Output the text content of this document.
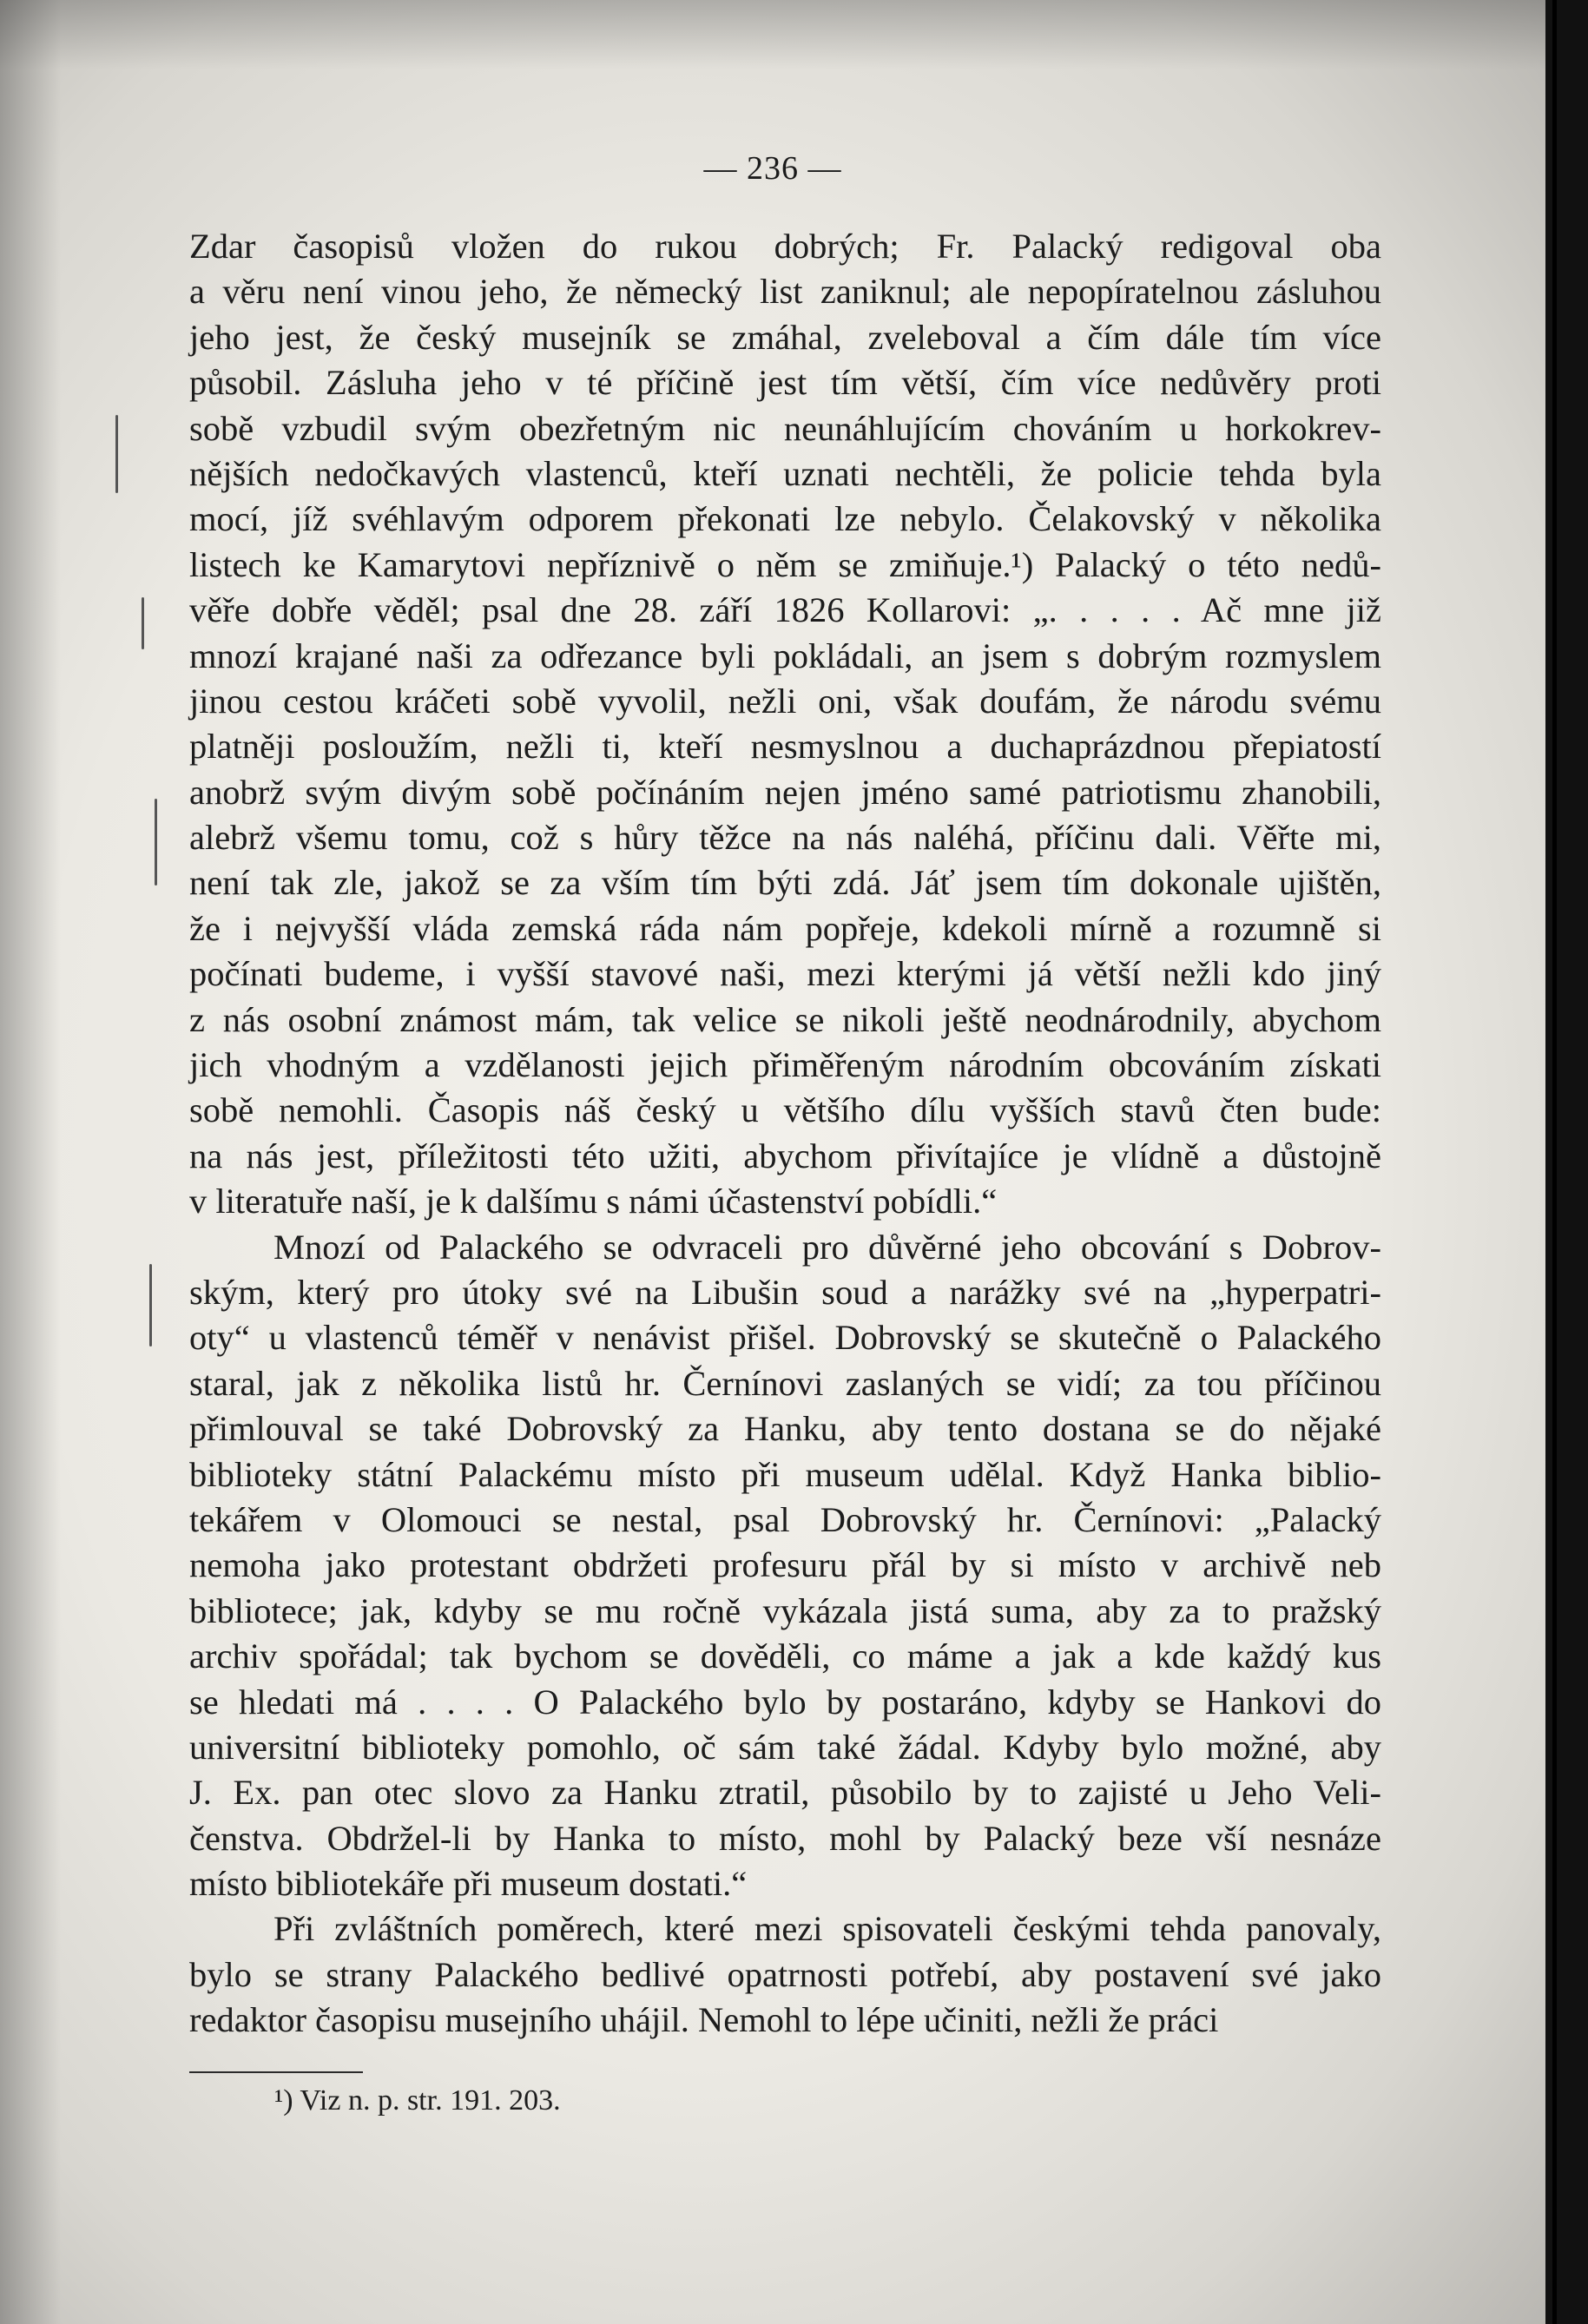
— 236 —
Zdar časopisů vložen do rukou dobrých; Fr. Palacký redigoval oba
a věru není vinou jeho, že německý list zaniknul; ale nepopíratelnou zásluhou
jeho jest, že český musejník se zmáhal, zveleboval a čím dále tím více
působil. Zásluha jeho v té příčině jest tím větší, čím více nedůvěry proti
sobě vzbudil svým obezřetným nic neunáhlujícím chováním u horkokrev-
nějších nedočkavých vlastenců, kteří uznati nechtěli, že policie tehda byla
mocí, jíž svéhlavým odporem překonati lze nebylo. Čelakovský v několika
listech ke Kamarytovi nepříznivě o něm se zmiňuje.¹) Palacký o této nedů-
věře dobře věděl; psal dne 28. září 1826 Kollarovi: „. . . . . Ač mne již
mnozí krajané naši za odřezance byli pokládali, an jsem s dobrým rozmyslem
jinou cestou kráčeti sobě vyvolil, nežli oni, však doufám, že národu svému
platněji posloužím, nežli ti, kteří nesmyslnou a duchaprázdnou přepiatostí
anobrž svým divým sobě počínáním nejen jméno samé patriotismu zhanobili,
alebrž všemu tomu, což s hůry těžce na nás naléhá, příčinu dali. Věřte mi,
není tak zle, jakož se za vším tím býti zdá. Jáť jsem tím dokonale ujištěn,
že i nejvyšší vláda zemská ráda nám popřeje, kdekoli mírně a rozumně si
počínati budeme, i vyšší stavové naši, mezi kterými já větší nežli kdo jiný
z nás osobní známost mám, tak velice se nikoli ještě neodnárodnily, abychom
jich vhodným a vzdělanosti jejich přiměřeným národním obcováním získati
sobě nemohli. Časopis náš český u většího dílu vyšších stavů čten bude:
na nás jest, příležitosti této užiti, abychom přivítajíce je vlídně a důstojně
v literatuře naší, je k dalšímu s námi účastenství pobídli.“
Mnozí od Palackého se odvraceli pro důvěrné jeho obcování s Dobrov-
ským, který pro útoky své na Libušin soud a narážky své na „hyperpatri-
oty“ u vlastenců téměř v nenávist přišel. Dobrovský se skutečně o Palackého
staral, jak z několika listů hr. Černínovi zaslaných se vidí; za tou příčinou
přimlouval se také Dobrovský za Hanku, aby tento dostana se do nějaké
biblioteky státní Palackému místo při museum udělal. Když Hanka biblio-
tekářem v Olomouci se nestal, psal Dobrovský hr. Černínovi: „Palacký
nemoha jako protestant obdržeti profesuru přál by si místo v archivě neb
bibliotece; jak, kdyby se mu ročně vykázala jistá suma, aby za to pražský
archiv spořádal; tak bychom se dověděli, co máme a jak a kde každý kus
se hledati má . . . . O Palackého bylo by postaráno, kdyby se Hankovi do
universitní biblioteky pomohlo, oč sám také žádal. Kdyby bylo možné, aby
J. Ex. pan otec slovo za Hanku ztratil, působilo by to zajisté u Jeho Veli-
čenstva. Obdržel-li by Hanka to místo, mohl by Palacký beze vší nesnáze
místo bibliotekáře při museum dostati.“
Při zvláštních poměrech, které mezi spisovateli českými tehda panovaly,
bylo se strany Palackého bedlivé opatrnosti potřebí, aby postavení své jako
redaktor časopisu musejního uhájil. Nemohl to lépe učiniti, nežli že práci
¹) Viz n. p. str. 191. 203.
